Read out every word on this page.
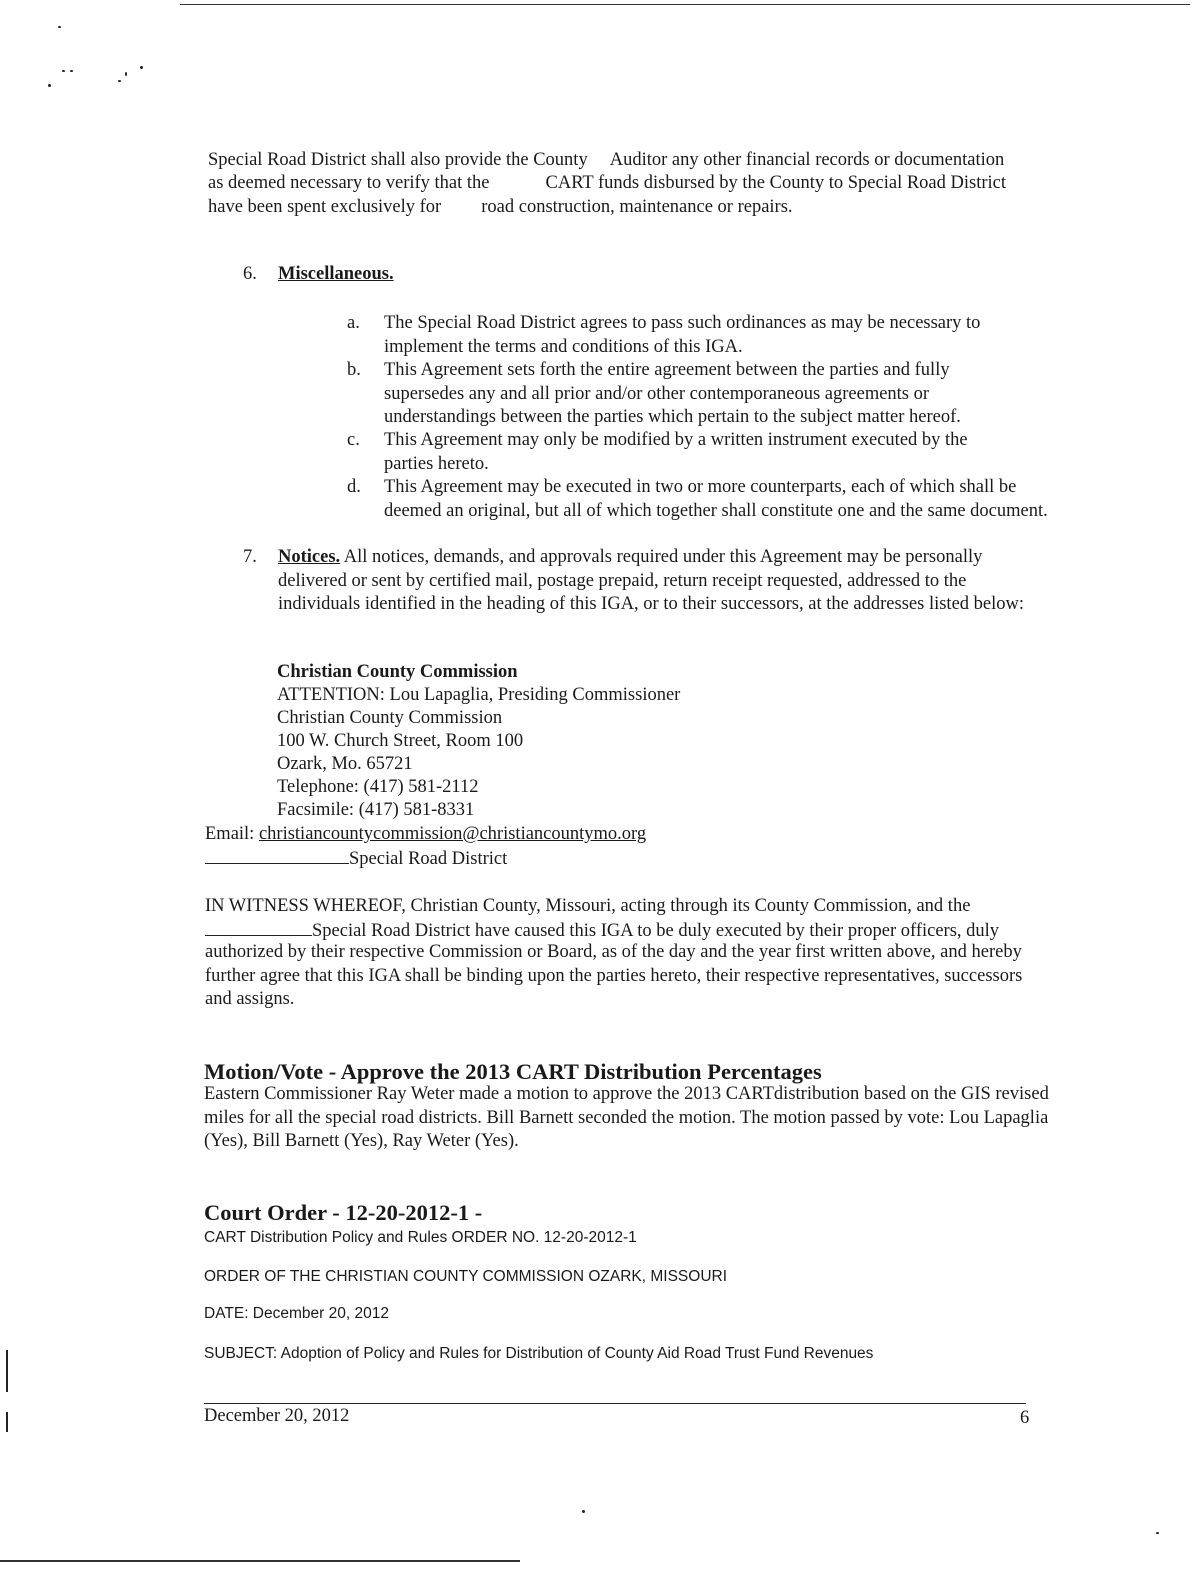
Special Road District shall also provide the County Auditor any other financial records or documentation
as deemed necessary to verify that the	CART funds disbursed by the County to Special Road District
have been spent exclusively for road construction, maintenance or repairs.
6. Miscellaneous.
a. The Special Road District agrees to pass such ordinances as may be necessary to implement the terms and conditions of this IGA.
b. This Agreement sets forth the entire agreement between the parties and fully supersedes any and all prior and/or other contemporaneous agreements or understandings between the parties which pertain to the subject matter hereof.
c. This Agreement may only be modified by a written instrument executed by the parties hereto.
d. This Agreement may be executed in two or more counterparts, each of which shall be deemed an original, but all of which together shall constitute one and the same document.
7. Notices. All notices, demands, and approvals required under this Agreement may be personally delivered or sent by certified mail, postage prepaid, return receipt requested, addressed to the individuals identified in the heading of this IGA, or to their successors, at the addresses listed below:
Christian County Commission
ATTENTION: Lou Lapaglia, Presiding Commissioner
Christian County Commission
100 W. Church Street, Room 100
Ozark, Mo. 65721
Telephone: (417) 581-2112
Facsimile: (417) 581-8331
Email: christiancountycommission@christiancountymo.org
Special Road District
IN WITNESS WHEREOF, Christian County, Missouri, acting through its County Commission, and the
Special Road District have caused this IGA to be duly executed by their proper officers, duly
authorized by their respective Commission or Board, as of the day and the year first written above, and hereby further agree that this IGA shall be binding upon the parties hereto, their respective representatives, successors and assigns.
Motion/Vote - Approve the 2013 CART Distribution Percentages
Eastern Commissioner Ray Weter made a motion to approve the 2013 CARTdistribution based on the GIS revised miles for all the special road districts. Bill Barnett seconded the motion. The motion passed by vote: Lou Lapaglia (Yes), Bill Barnett (Yes), Ray Weter (Yes).
Court Order - 12-20-2012-1 -
CART Distribution Policy and Rules ORDER NO. 12-20-2012-1
ORDER OF THE CHRISTIAN COUNTY COMMISSION OZARK, MISSOURI
DATE: December 20, 2012
SUBJECT: Adoption of Policy and Rules for Distribution of County Aid Road Trust Fund Revenues
December 20, 2012	6
